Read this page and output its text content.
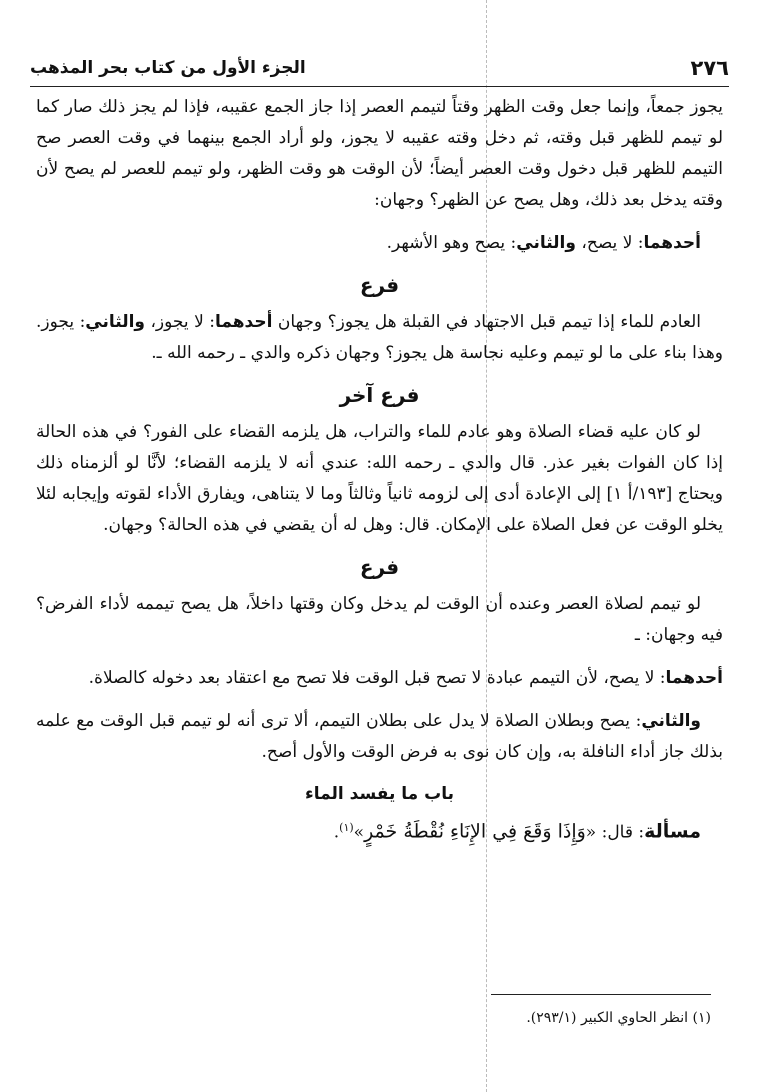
٢٧٦
الجزء الأول من كتاب بحر المذهب

يجوز جمعاً، وإنما جعل وقت الظهر وقتاً لتيمم العصر إذا جاز الجمع عقيبه، فإذا لم يجز ذلك صار كما لو تيمم للظهر قبل وقته، ثم دخل وقته عقيبه لا يجوز، ولو أراد الجمع بينهما في وقت العصر صح التيمم للظهر قبل دخول وقت العصر أيضاً؛ لأن الوقت هو وقت الظهر، ولو تيمم للعصر لم يصح لأن وقته يدخل بعد ذلك، وهل يصح عن الظهر؟ وجهان:

أحدهما: لا يصح، والثاني: يصح وهو الأشهر.

فرع

العادم للماء إذا تيمم قبل الاجتهاد في القبلة هل يجوز؟ وجهان أحدهما: لا يجوز، والثاني: يجوز. وهذا بناء على ما لو تيمم وعليه نجاسة هل يجوز؟ وجهان ذكره والدي ـ رحمه الله ـ.

فرع آخر

لو كان عليه قضاء الصلاة وهو عادم للماء والتراب، هل يلزمه القضاء على الفور؟ في هذه الحالة إذا كان الفوات بغير عذر. قال والدي ـ رحمه الله: عندي أنه لا يلزمه القضاء؛ لأنَّا لو ألزمناه ذلك ويحتاج [١٩٣/أ ١] إلى الإعادة أدى إلى لزومه ثانياً وثالثاً وما لا يتناهى، ويفارق الأداء لقوته وإيجابه لئلا يخلو الوقت عن فعل الصلاة على الإمكان. قال: وهل له أن يقضي في هذه الحالة؟ وجهان.

فرع

لو تيمم لصلاة العصر وعنده أن الوقت لم يدخل وكان وقتها داخلاً، هل يصح تيممه لأداء الفرض؟ فيه وجهان: ـ

أحدهما: لا يصح، لأن التيمم عبادة لا تصح قبل الوقت فلا تصح مع اعتقاد بعد دخوله كالصلاة.

والثاني: يصح وبطلان الصلاة لا يدل على بطلان التيمم، ألا ترى أنه لو تيمم قبل الوقت مع علمه بذلك جاز أداء النافلة به، وإن كان نوى به فرض الوقت والأول أصح.

باب ما يفسد الماء

مسألة: قال: «وَإِذَا وَقَعَ فِي الإِنَاءِ نُقْطَةُ خَمْرٍ»$^{(١)}$.

(١) انظر الحاوي الكبير (٢٩٣/١).
